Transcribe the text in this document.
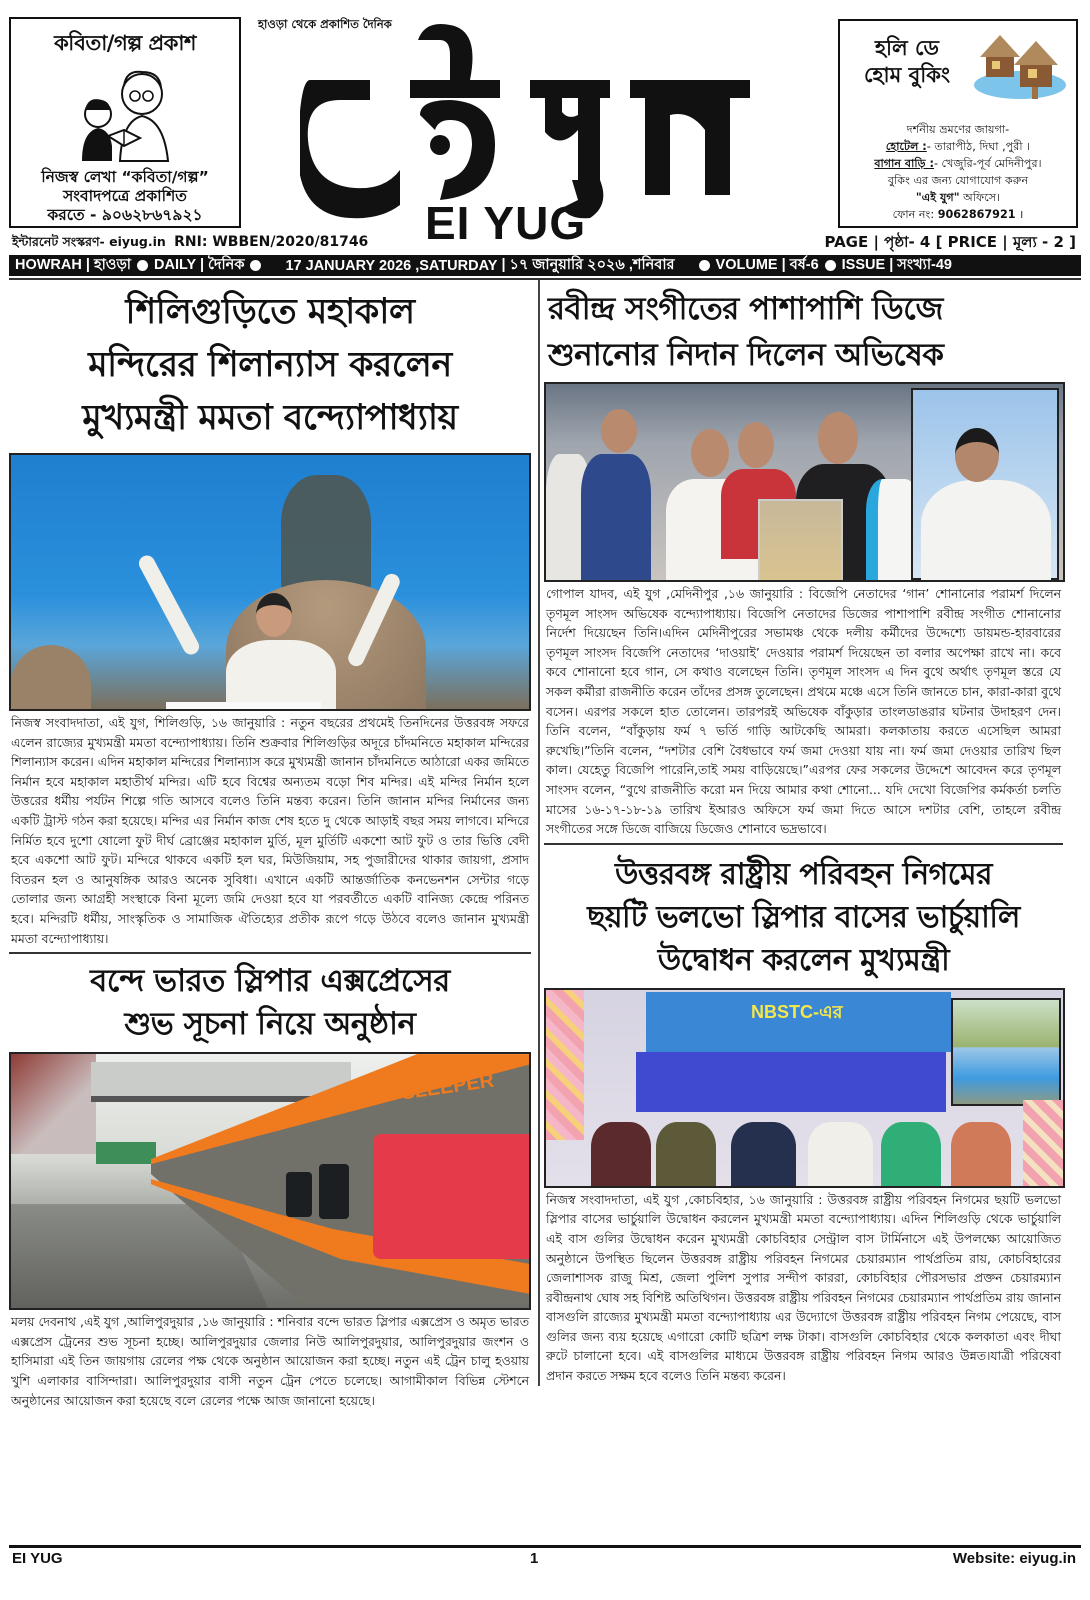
কবিতা/গল্প প্রকাশ
নিজস্ব লেখা “কবিতা/গল্প”
সংবাদপত্রে প্রকাশিত
করতে - ৯০৬২৮৬৭৯২১
হাওড়া থেকে প্রকাশিত দৈনিক
EI YUG
হলি ডে
হোম বুকিং
দর্শনীয় ভ্রমণের জায়গা-
হোটেল :- তারাপীঠ, দিঘা ,পুরী ।
বাগান বাড়ি :- খেজুরি-পূর্ব মেদিনীপুর।
বুকিং এর জন্য যোগাযোগ করুন
"এই যুগ" অফিসে।
ফোন নং: 9062867921 ।
ইন্টারনেট সংস্করণ- eiyug.in RNI: WBBEN/2020/81746	PAGE | পৃষ্ঠা- 4 [ PRICE | মূল্য - 2 ]
HOWRAH | হাওড়া DAILY | দৈনিক	17 JANUARY 2026 ,SATURDAY
| ১৭ জানুয়ারি ২০২৬ ,শনিবার	VOLUME | বর্ষ-6 ISSUE | সংখ্যা-49
শিলিগুড়িতে মহাকাল
মন্দিরের শিলান্যাস করলেন
মুখ্যমন্ত্রী মমতা বন্দ্যোপাধ্যায়

নিজস্ব সংবাদদাতা, এই যুগ, শিলিগুড়ি, ১৬ জানুয়ারি : নতুন বছরের প্রথমেই তিনদিনের উত্তরবঙ্গ সফরে এলেন রাজ্যের মুখ্যমন্ত্রী মমতা বন্দ্যোপাধ্যায়। তিনি শুক্রবার শিলিগুড়ির অদূরে চাঁদমনিতে মহাকাল মন্দিরের শিলান্যাস করেন। এদিন মহাকাল মন্দিরের শিলান্যাস করে মুখ্যমন্ত্রী জানান চাঁদমনিতে আঠারো একর জমিতে নির্মান হবে মহাকাল মহাতীর্থ মন্দির। এটি হবে বিশ্বের অন্যতম বড়ো শিব মন্দির। এই মন্দির নির্মান হলে উত্তরের ধর্মীয় পর্যটন শিল্পে গতি আসবে বলেও তিনি মন্তব্য করেন। তিনি জানান মন্দির নির্মানের জন্য একটি ট্রাস্ট গঠন করা হয়েছে। মন্দির এর নির্মান কাজ শেষ হতে দু থেকে আড়াই বছর সময় লাগবে। মন্দিরে নির্মিত হবে দুশো ষোলো ফুট দীর্ঘ ব্রোঞ্জের মহাকাল মুর্তি, মূল মুর্তিটি একশো আট ফুট ও তার ভিত্তি বেদী হবে একশো আট ফুট। মন্দিরে থাকবে একটি হল ঘর, মিউজিয়াম, সহ পুজারীদের থাকার জায়গা, প্রসাদ বিতরন হল ও আনুষঙ্গিক আরও অনেক সুবিধা। এখানে একটি আন্তর্জাতিক কনভেনশন সেন্টার গড়ে তোলার জন্য আগ্রহী সংস্থাকে বিনা মূল্যে জমি দেওয়া হবে যা পরবর্তীতে একটি বানিজ্য কেন্দ্রে পরিনত হবে। মন্দিরটি ধর্মীয়, সাংস্কৃতিক ও সামাজিক ঐতিহ্যের প্রতীক রূপে গড়ে উঠবে বলেও জানান মুখ্যমন্ত্রী মমতা বন্দ্যোপাধ্যায়।

বন্দে ভারত স্লিপার এক্সপ্রেসের
শুভ সূচনা নিয়ে অনুষ্ঠান
SLEEPER

মলয় দেবনাথ ,এই যুগ ,আলিপুরদুয়ার ,১৬ জানুয়ারি : শনিবার বন্দে ভারত স্লিপার এক্সপ্রেস ও অমৃত ভারত এক্সপ্রেস ট্রেনের শুভ সূচনা হচ্ছে। আলিপুরদুয়ার জেলার নিউ আলিপুরদুয়ার, আলিপুরদুয়ার জংশন ও হাসিমারা এই তিন জায়গায় রেলের পক্ষ থেকে অনুষ্ঠান আয়োজন করা হচ্ছে। নতুন এই ট্রেন চালু হওয়ায় খুশি এলাকার বাসিন্দারা। আলিপুরদুয়ার বাসী নতুন ট্রেন পেতে চলেছে। আগামীকাল বিভিন্ন স্টেশনে অনুষ্ঠানের আয়োজন করা হয়েছে বলে রেলের পক্ষে আজ জানানো হয়েছে।

রবীন্দ্র সংগীতের পাশাপাশি ডিজে
শুনানোর নিদান দিলেন অভিষেক

গোপাল যাদব, এই যুগ ,মেদিনীপুর ,১৬ জানুয়ারি : বিজেপি নেতাদের ‘গান’ শোনানোর পরামর্শ দিলেন তৃণমূল সাংসদ অভিষেক বন্দ্যোপাধ্যায়। বিজেপি নেতাদের ডিজের পাশাপাশি রবীন্দ্র সংগীত শোনানোর নির্দেশ দিয়েছেন তিনি।এদিন মেদিনীপুরের সভামঞ্চ থেকে দলীয় কর্মীদের উদ্দেশ্যে ডায়মন্ড-হারবারের তৃণমূল সাংসদ বিজেপি নেতাদের ‘দাওয়াই’ দেওয়ার পরামর্শ দিয়েছেন তা বলার অপেক্ষা রাখে না। কবে কবে শোনানো হবে গান, সে কথাও বলেছেন তিনি। তৃণমূল সাংসদ এ দিন বুথে অর্থাৎ তৃণমূল স্তরে যে সকল কর্মীরা রাজনীতি করেন তাঁদের প্রসঙ্গ তুলেছেন। প্রথমে মঞ্চে এসে তিনি জানতে চান, কারা-কারা বুথে বসেন। এরপর সকলে হাত তোলেন। তারপরই অভিষেক বাঁকুড়ার তাংলডাঙরার ঘটনার উদাহরণ দেন। তিনি বলেন, “বাঁকুড়ায় ফর্ম ৭ ভর্তি গাড়ি আটকেছি আমরা। কলকাতায় করতে এসেছিল আমরা রুখেছি।”তিনি বলেন, “দশটার বেশি বৈধভাবে ফর্ম জমা দেওয়া যায় না। ফর্ম জমা দেওয়ার তারিখ ছিল কাল। যেহেতু বিজেপি পারেনি,তাই সময় বাড়িয়েছে।”এরপর ফের সকলের উদ্দেশে আবেদন করে তৃণমূল সাংসদ বলেন, “বুথে রাজনীতি করো মন দিয়ে আমার কথা শোনো... যদি দেখো বিজেপির কর্মকর্তা চলতি মাসের ১৬-১৭-১৮-১৯ তারিখ ইআরও অফিসে ফর্ম জমা দিতে আসে দশটার বেশি, তাহলে রবীন্দ্র সংগীতের সঙ্গে ডিজে বাজিয়ে ডিজেও শোনাবে ভদ্রভাবে।

উত্তরবঙ্গ রাষ্ট্রীয় পরিবহন নিগমের
ছয়টি ভলভো স্লিপার বাসের ভার্চুয়ালি
উদ্বোধন করলেন মুখ্যমন্ত্রী
NBSTC-এর

নিজস্ব সংবাদদাতা, এই যুগ ,কোচবিহার, ১৬ জানুয়ারি : উত্তরবঙ্গ রাষ্ট্রীয় পরিবহন নিগমের ছয়টি ভলভো স্লিপার বাসের ভার্চুয়ালি উদ্বোধন করলেন মুখ্যমন্ত্রী মমতা বন্দ্যোপাধ্যায়। এদিন শিলিগুড়ি থেকে ভার্চুয়ালি এই বাস গুলির উদ্বোধন করেন মুখ্যমন্ত্রী কোচবিহার সেন্ট্রাল বাস টার্মিনাসে এই উপলক্ষ্যে আয়োজিত অনুষ্ঠানে উপস্থিত ছিলেন উত্তরবঙ্গ রাষ্ট্রীয় পরিবহন নিগমের চেয়ারম্যান পার্থপ্রতিম রায়, কোচবিহারের জেলাশাসক রাজু মিশ্র, জেলা পুলিশ সুপার সন্দীপ কাররা, কোচবিহার পৌরসভার প্রক্তন চেয়ারম্যান রবীন্দ্রনাথ ঘোষ সহ বিশিষ্ট অতিথিগন। উত্তরবঙ্গ রাষ্ট্রীয় পরিবহন নিগমের চেয়ারম্যান পার্থপ্রতিম রায় জানান বাসগুলি রাজ্যের মুখ্যমন্ত্রী মমতা বন্দ্যোপাধ্যায় এর উদ্যোগে উত্তরবঙ্গ রাষ্ট্রীয় পরিবহন নিগম পেয়েছে, বাস গুলির জন্য ব্যয় হয়েছে এগারো কোটি ছত্রিশ লক্ষ টাকা। বাসগুলি কোচবিহার থেকে কলকাতা এবং দীঘা রুটে চালানো হবে। এই বাসগুলির মাধ্যমে উত্তরবঙ্গ রাষ্ট্রীয় পরিবহন নিগম আরও উন্নত।যাত্রী পরিষেবা প্রদান করতে সক্ষম হবে বলেও তিনি মন্তব্য করেন।

EI YUG	1	Website: eiyug.in
